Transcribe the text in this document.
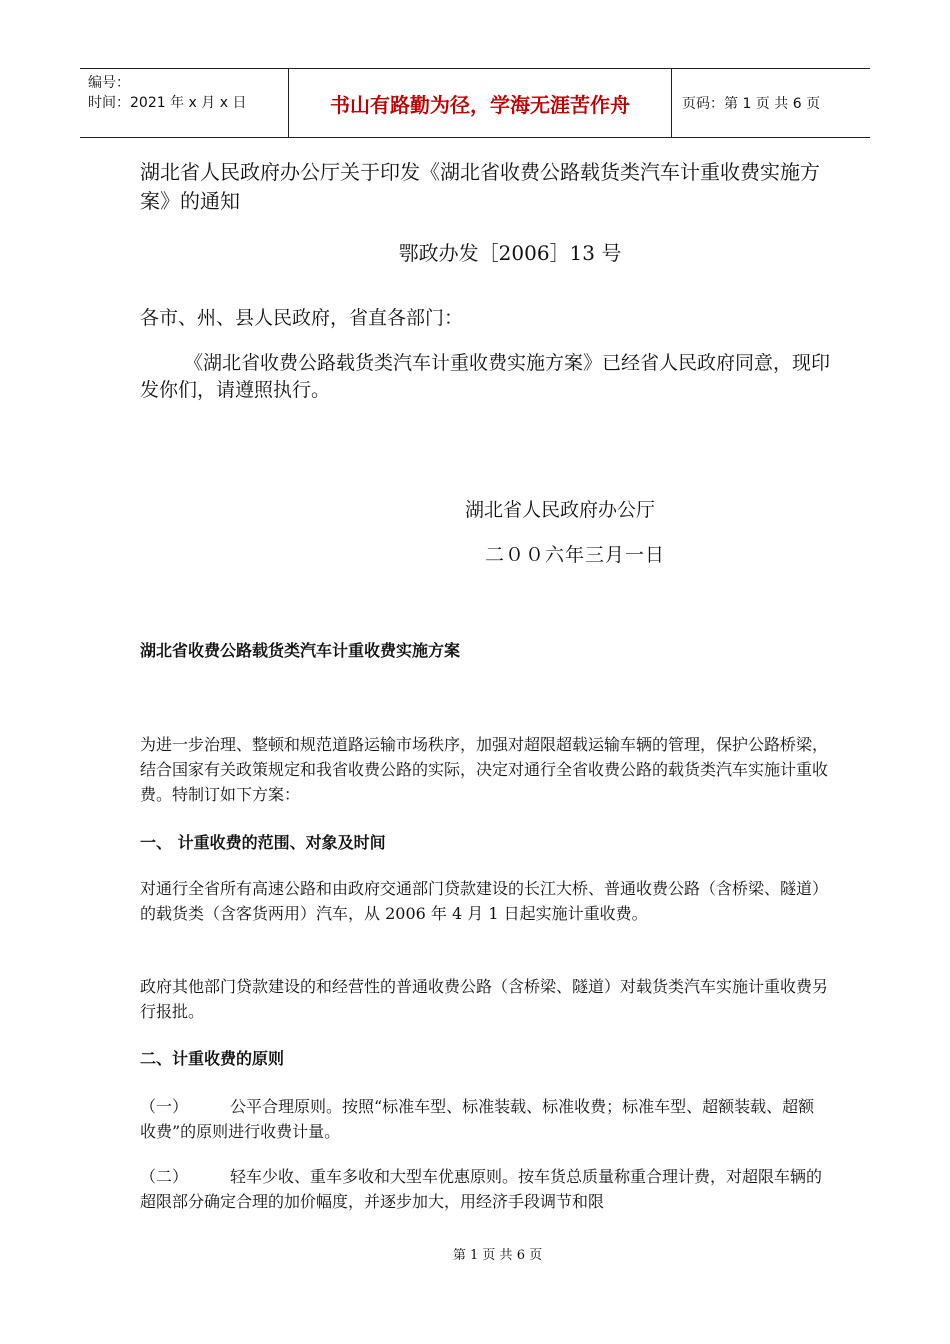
编号：
时间：2021 年 x 月 x 日	书山有路勤为径，学海无涯苦作舟	页码：第 1 页 共 6 页

湖北省人民政府办公厅关于印发《湖北省收费公路载货类汽车计重收费实施方案》的通知

鄂政办发［2006］13 号

各市、州、县人民政府，省直各部门：

《湖北省收费公路载货类汽车计重收费实施方案》已经省人民政府同意，现印发你们，请遵照执行。

湖北省人民政府办公厅

二００六年三月一日

湖北省收费公路载货类汽车计重收费实施方案

为进一步治理、整顿和规范道路运输市场秩序，加强对超限超载运输车辆的管理，保护公路桥梁，结合国家有关政策规定和我省收费公路的实际，决定对通行全省收费公路的载货类汽车实施计重收费。特制订如下方案：

一、 计重收费的范围、对象及时间

对通行全省所有高速公路和由政府交通部门贷款建设的长江大桥、普通收费公路（含桥梁、隧道）的载货类（含客货两用）汽车，从 2006 年 4 月 1 日起实施计重收费。

政府其他部门贷款建设的和经营性的普通收费公路（含桥梁、隧道）对载货类汽车实施计重收费另行报批。

二、计重收费的原则

（一）	公平合理原则。按照“标准车型、标准装载、标准收费；标准车型、超额装载、超额收费”的原则进行收费计量。

（二）	轻车少收、重车多收和大型车优惠原则。按车货总质量称重合理计费，对超限车辆的超限部分确定合理的加价幅度，并逐步加大，用经济手段调节和限

第 1 页 共 6 页
